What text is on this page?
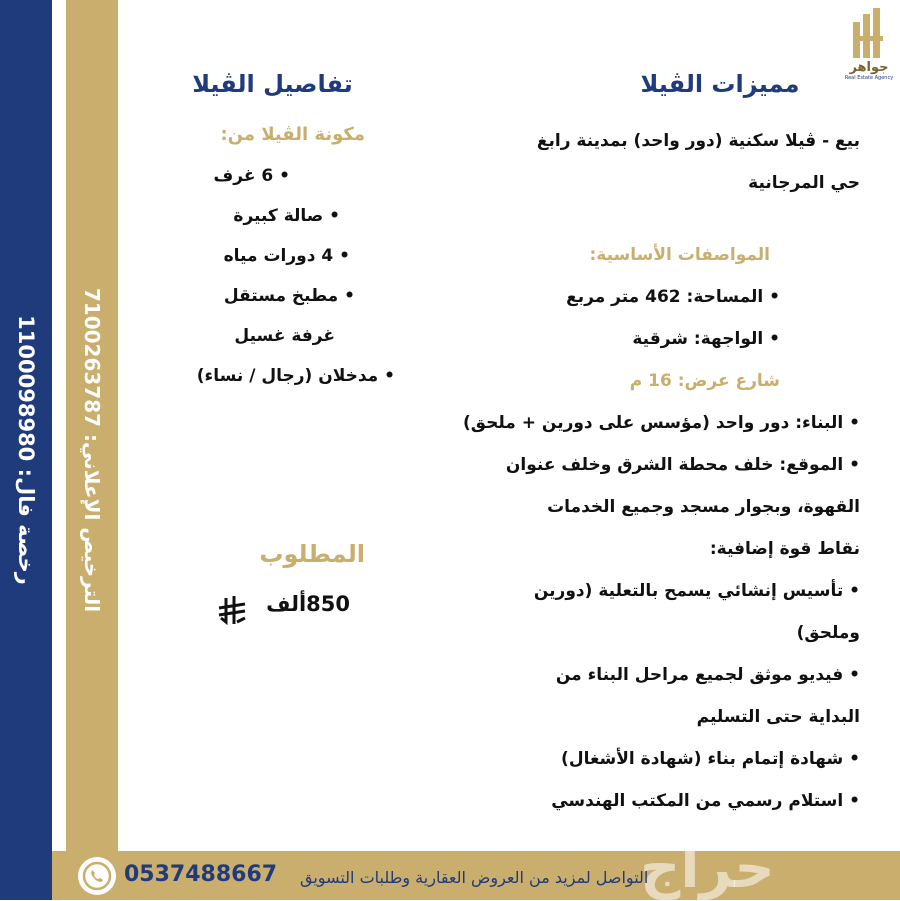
رخصة فال: 1100098980
الترخيص الإعلاني: 7100263787
جواهر
Real Estate Agency
مميزات الڤيلا
بيع - ڤيلا سكنية (دور واحد) بمدينة رابغ
حي المرجانية
المواصفات الأساسية:
• المساحة: 462 متر مربع
• الواجهة: شرقية
شارع عرض: 16 م
• البناء: دور واحد (مؤسس على دورين + ملحق)
• الموقع: خلف محطة الشرق وخلف عنوان
القهوة، وبجوار مسجد وجميع الخدمات
نقاط قوة إضافية:
• تأسيس إنشائي يسمح بالتعلية (دورين
وملحق)
• فيديو موثق لجميع مراحل البناء من
البداية حتى التسليم
• شهادة إتمام بناء (شهادة الأشغال)
• استلام رسمي من المكتب الهندسي
تفاصيل الڤيلا
مكونة الڤيلا من:
• 6 غرف
• صالة كبيرة
• 4 دورات مياه
• مطبخ مستقل
غرفة غسيل
• مدخلان (رجال / نساء)
المطلوب
850ألف
حراج
0537488667 التواصل لمزيد من العروض العقارية وطلبات التسويق
